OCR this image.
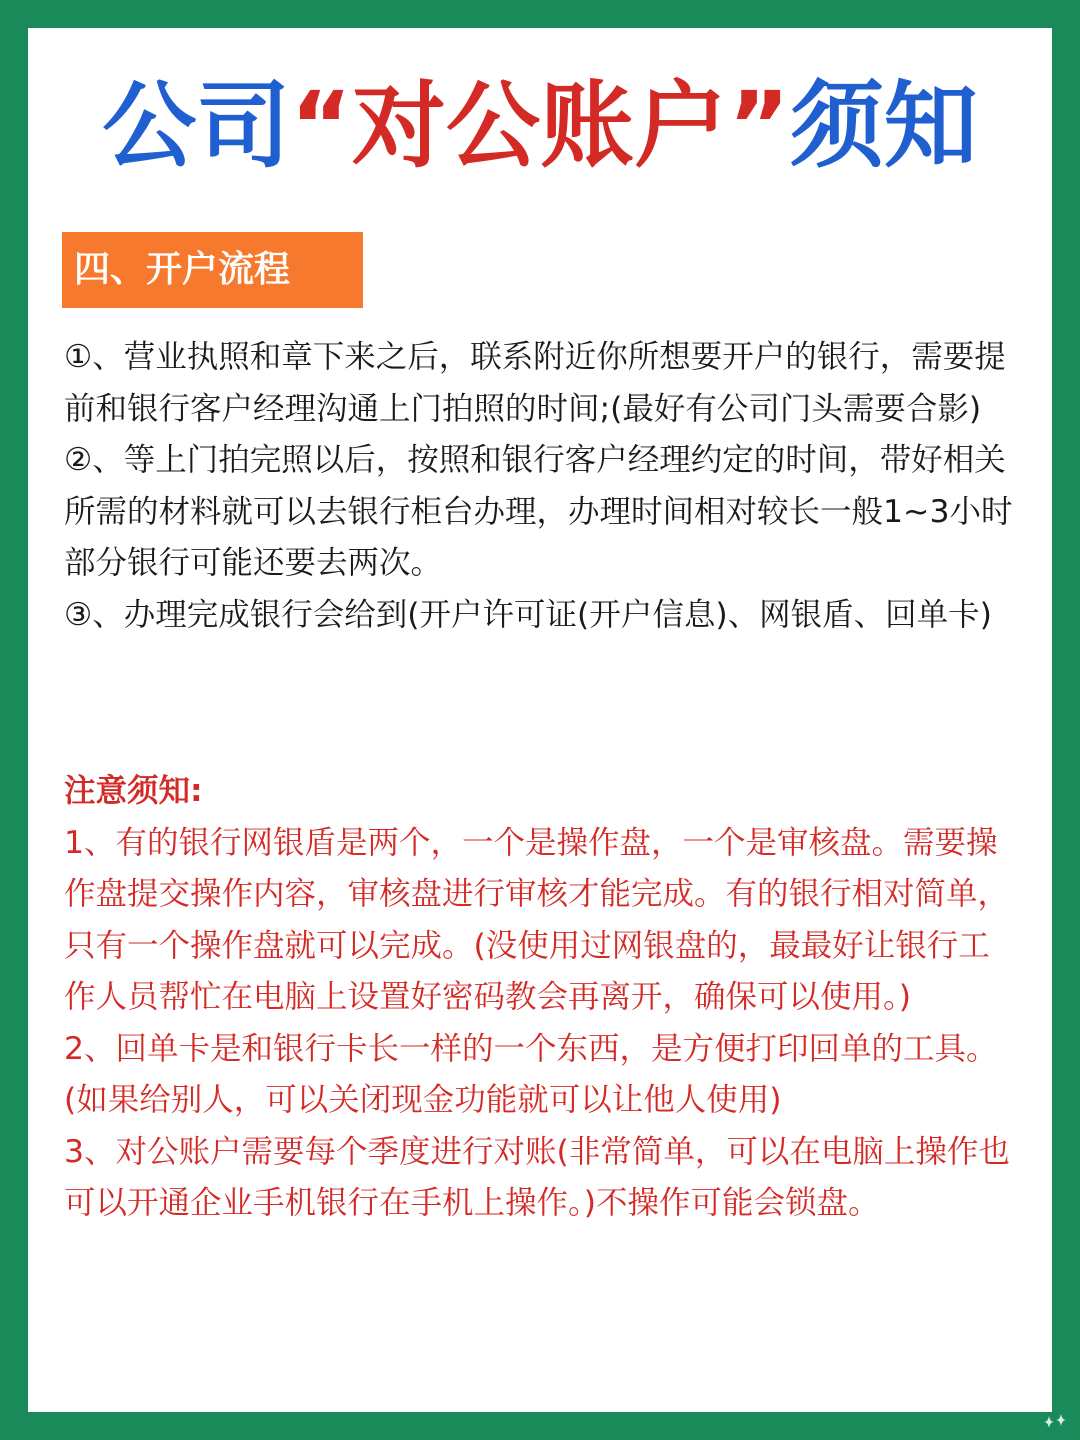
公司“对公账户”须知
四、开户流程

①、营业执照和章下来之后，联系附近你所想要开户的银行，需要提前和银行客户经理沟通上门拍照的时间;(最好有公司门头需要合影)

②、等上门拍完照以后，按照和银行客户经理约定的时间，带好相关所需的材料就可以去银行柜台办理，办理时间相对较长一般1~3小时部分银行可能还要去两次。

③、办理完成银行会给到(开户许可证(开户信息)、网银盾、回单卡)

注意须知:

1、有的银行网银盾是两个，一个是操作盘，一个是审核盘。需要操作盘提交操作内容，审核盘进行审核才能完成。有的银行相对简单，只有一个操作盘就可以完成。(没使用过网银盘的，最最好让银行工作人员帮忙在电脑上设置好密码教会再离开，确保可以使用。)

2、回单卡是和银行卡长一样的一个东西，是方便打印回单的工具。(如果给别人，可以关闭现金功能就可以让他人使用)

3、对公账户需要每个季度进行对账(非常简单，可以在电脑上操作也可以开通企业手机银行在手机上操作。)不操作可能会锁盘。
